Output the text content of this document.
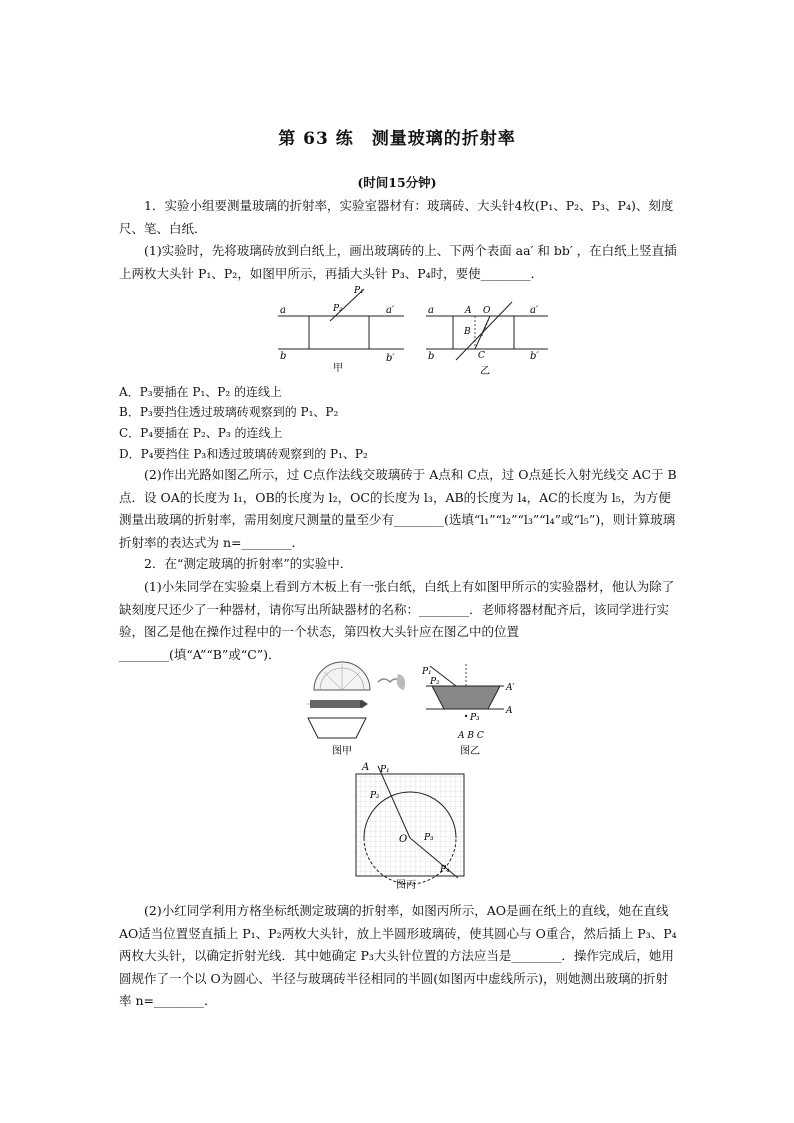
第 63 练　测量玻璃的折射率
(时间15分钟)

1．实验小组要测量玻璃的折射率，实验室器材有：玻璃砖、大头针4枚(P₁、P₂、P₃、P₄)、刻度尺、笔、白纸．

(1)实验时，先将玻璃砖放到白纸上，画出玻璃砖的上、下两个表面 aa′ 和 bb′ ，在白纸上竖直插上两枚大头针 P₁、P₂，如图甲所示，再插大头针 P₃、P₄时，要使________．

a	a′
b	b′
P₁
P₂
甲
a	a′
b	b′
A O
B
C
乙

A．P₃要插在 P₁、P₂ 的连线上

B．P₃要挡住透过玻璃砖观察到的 P₁、P₂

C．P₄要插在 P₂、P₃ 的连线上

D．P₄要挡住 P₃和透过玻璃砖观察到的 P₁、P₂

(2)作出光路如图乙所示，过 C点作法线交玻璃砖于 A点和 C点，过 O点延长入射光线交 AC于 B点．设 OA的长度为 l₁，OB的长度为 l₂，OC的长度为 l₃，AB的长度为 l₄，AC的长度为 l₅，为方便测量出玻璃的折射率，需用刻度尺测量的量至少有________(选填“l₁”“l₂”“l₃”“l₄”或“l₅”)，则计算玻璃折射率的表达式为 n=________．

2．在“测定玻璃的折射率”的实验中．

(1)小朱同学在实验桌上看到方木板上有一张白纸，白纸上有如图甲所示的实验器材，他认为除了缺刻度尺还少了一种器材，请你写出所缺器材的名称：________．老师将器材配齐后，该同学进行实验，图乙是他在操作过程中的一个状态，第四枚大头针应在图乙中的位置________(填“A”“B”或“C”)．

图甲
P₁
P₂
A′
A
P₃
A B C
图乙
A P₁
P₂
O P₃
P₄
图丙

(2)小红同学利用方格坐标纸测定玻璃的折射率，如图丙所示，AO是画在纸上的直线，她在直线 AO适当位置竖直插上 P₁、P₂两枚大头针，放上半圆形玻璃砖，使其圆心与 O重合，然后插上 P₃、P₄两枚大头针，以确定折射光线．其中她确定 P₃大头针位置的方法应当是________．操作完成后，她用圆规作了一个以 O为圆心、半径与玻璃砖半径相同的半圆(如图丙中虚线所示)，则她测出玻璃的折射率 n=________．
